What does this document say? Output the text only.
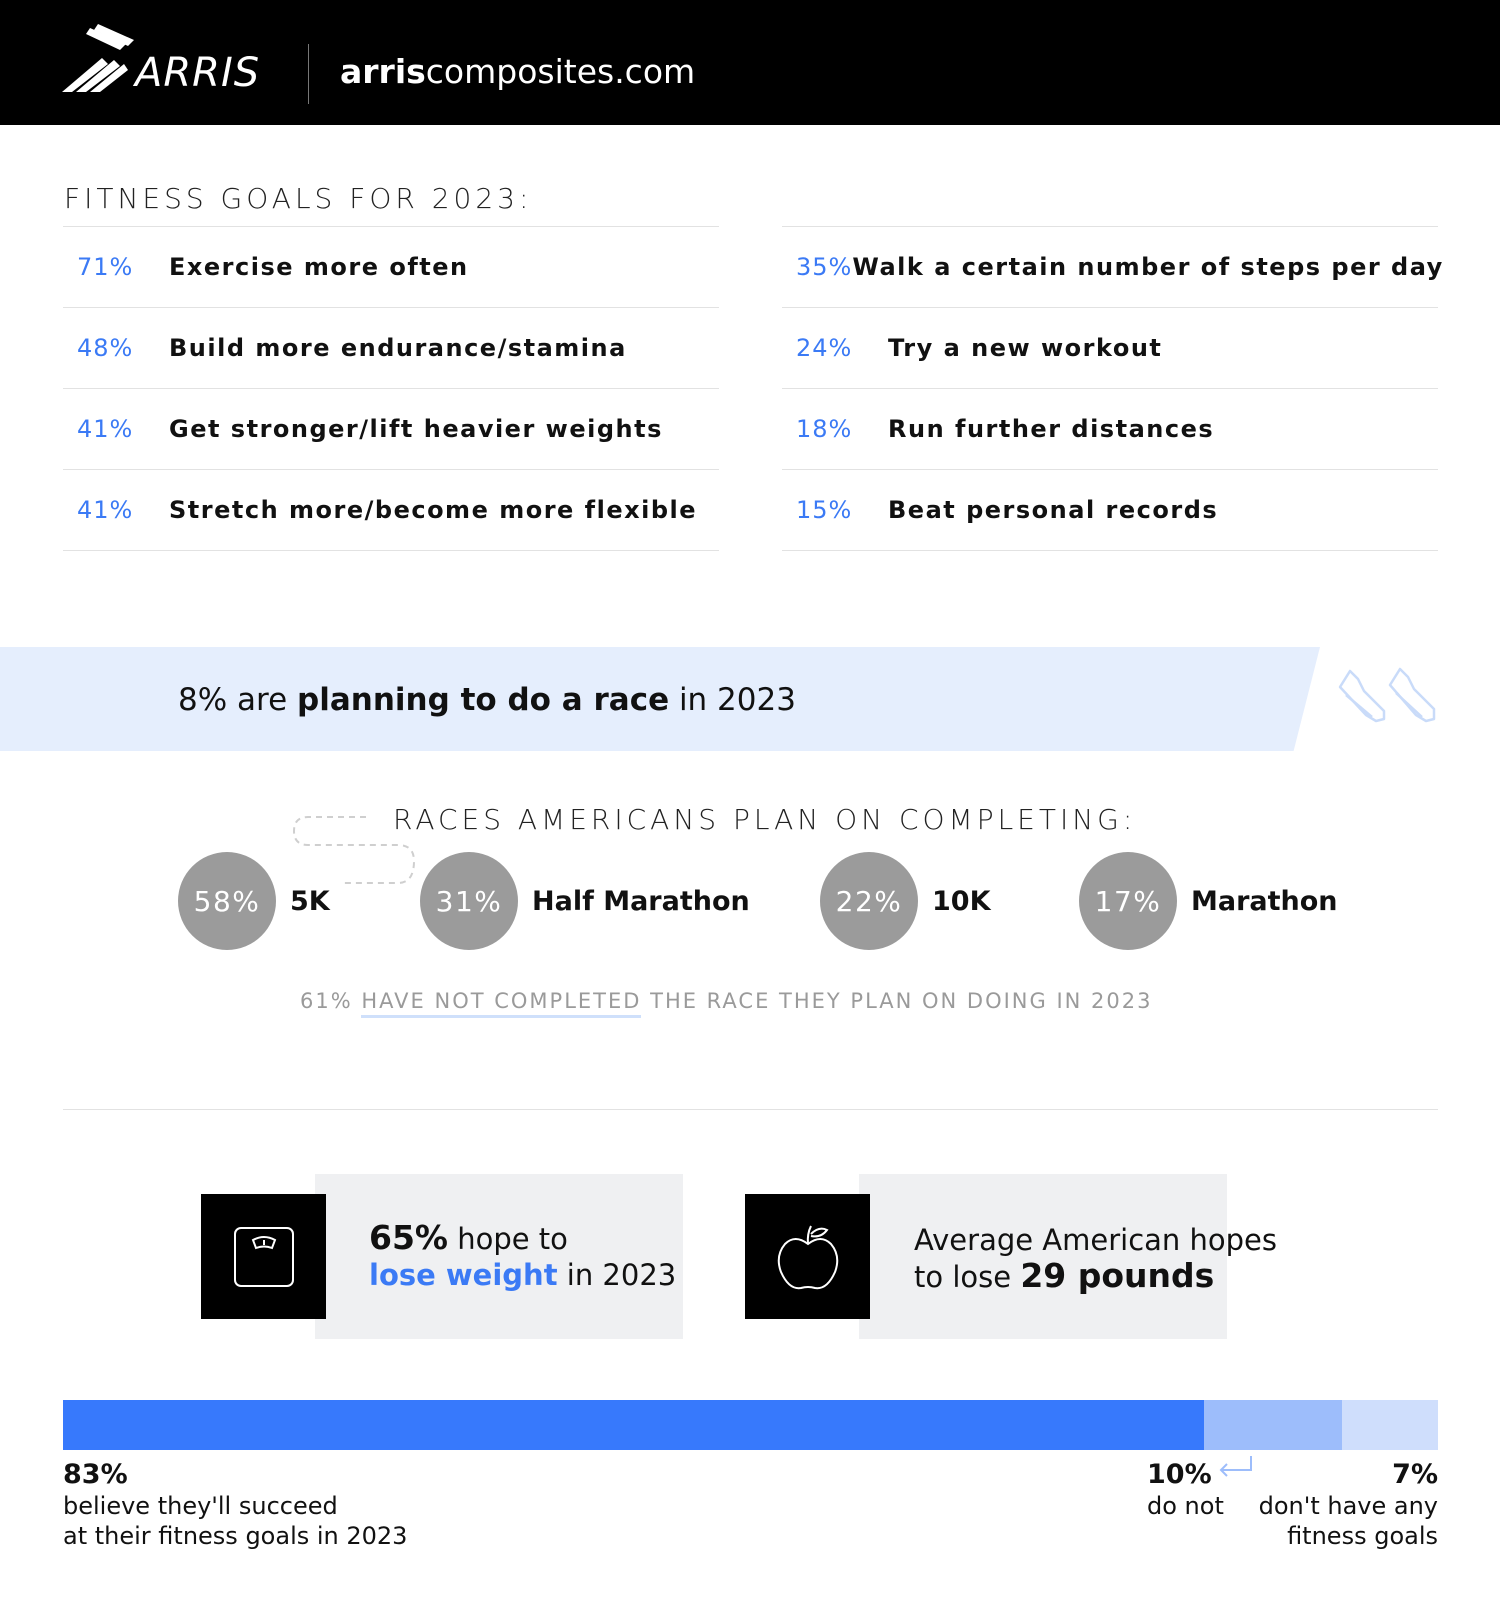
ARRIS arriscomposites.com
FITNESS GOALS FOR 2023:
71%	Exercise more often
48%	Build more endurance/stamina
41%	Get stronger/lift heavier weights
41%	Stretch more/become more flexible
35% Walk a certain number of steps per day
24%	Try a new workout
18%	Run further distances
15%	Beat personal records
8% are planning to do a race in 2023
RACES AMERICANS PLAN ON COMPLETING:
58%	5K	31%	Half Marathon	22%	10K	17%	Marathon
61% HAVE NOT COMPLETED THE RACE THEY PLAN ON DOING IN 2023
65% hope to
lose weight in 2023
Average American hopes
to lose 29 pounds
83%
believe they'll succeed
at their fitness goals in 2023
10%
do not
7%
don't have any
fitness goals
